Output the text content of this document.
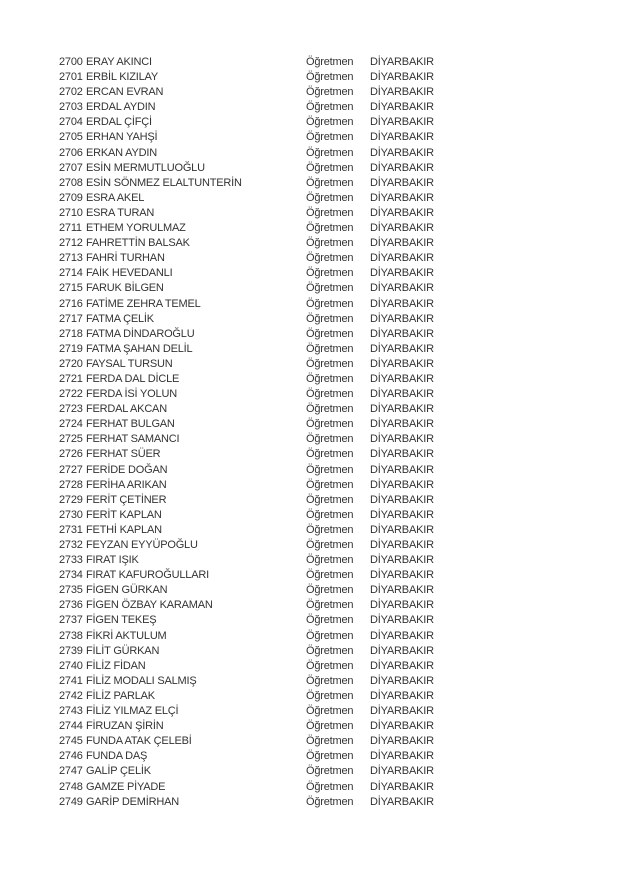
2700 ERAY AKINCI	Öğretmen	DİYARBAKIR
2701 ERBİL KIZILAY	Öğretmen	DİYARBAKIR
2702 ERCAN EVRAN	Öğretmen	DİYARBAKIR
2703 ERDAL AYDIN	Öğretmen	DİYARBAKIR
2704 ERDAL ÇİFÇİ	Öğretmen	DİYARBAKIR
2705 ERHAN YAHŞİ	Öğretmen	DİYARBAKIR
2706 ERKAN AYDIN	Öğretmen	DİYARBAKIR
2707 ESİN MERMUTLUOĞLU	Öğretmen	DİYARBAKIR
2708 ESİN SÖNMEZ ELALTUNTERİN	Öğretmen	DİYARBAKIR
2709 ESRA AKEL	Öğretmen	DİYARBAKIR
2710 ESRA TURAN	Öğretmen	DİYARBAKIR
2711 ETHEM YORULMAZ	Öğretmen	DİYARBAKIR
2712 FAHRETTİN BALSAK	Öğretmen	DİYARBAKIR
2713 FAHRİ TURHAN	Öğretmen	DİYARBAKIR
2714 FAİK HEVEDANLI	Öğretmen	DİYARBAKIR
2715 FARUK BİLGEN	Öğretmen	DİYARBAKIR
2716 FATİME ZEHRA TEMEL	Öğretmen	DİYARBAKIR
2717 FATMA ÇELİK	Öğretmen	DİYARBAKIR
2718 FATMA DİNDAROĞLU	Öğretmen	DİYARBAKIR
2719 FATMA ŞAHAN DELİL	Öğretmen	DİYARBAKIR
2720 FAYSAL TURSUN	Öğretmen	DİYARBAKIR
2721 FERDA DAL DİCLE	Öğretmen	DİYARBAKIR
2722 FERDA İSİ YOLUN	Öğretmen	DİYARBAKIR
2723 FERDAL AKCAN	Öğretmen	DİYARBAKIR
2724 FERHAT BULGAN	Öğretmen	DİYARBAKIR
2725 FERHAT SAMANCI	Öğretmen	DİYARBAKIR
2726 FERHAT SÜER	Öğretmen	DİYARBAKIR
2727 FERİDE DOĞAN	Öğretmen	DİYARBAKIR
2728 FERİHA ARIKAN	Öğretmen	DİYARBAKIR
2729 FERİT ÇETİNER	Öğretmen	DİYARBAKIR
2730 FERİT KAPLAN	Öğretmen	DİYARBAKIR
2731 FETHİ KAPLAN	Öğretmen	DİYARBAKIR
2732 FEYZAN EYYÜPOĞLU	Öğretmen	DİYARBAKIR
2733 FIRAT IŞIK	Öğretmen	DİYARBAKIR
2734 FIRAT KAFUROĞULLARI	Öğretmen	DİYARBAKIR
2735 FİGEN GÜRKAN	Öğretmen	DİYARBAKIR
2736 FİGEN ÖZBAY KARAMAN	Öğretmen	DİYARBAKIR
2737 FİGEN TEKEŞ	Öğretmen	DİYARBAKIR
2738 FİKRİ AKTULUM	Öğretmen	DİYARBAKIR
2739 FİLİT GÜRKAN	Öğretmen	DİYARBAKIR
2740 FİLİZ FİDAN	Öğretmen	DİYARBAKIR
2741 FİLİZ MODALI SALMIŞ	Öğretmen	DİYARBAKIR
2742 FİLİZ PARLAK	Öğretmen	DİYARBAKIR
2743 FİLİZ YILMAZ ELÇİ	Öğretmen	DİYARBAKIR
2744 FİRUZAN ŞİRİN	Öğretmen	DİYARBAKIR
2745 FUNDA ATAK ÇELEBİ	Öğretmen	DİYARBAKIR
2746 FUNDA DAŞ	Öğretmen	DİYARBAKIR
2747 GALİP ÇELİK	Öğretmen	DİYARBAKIR
2748 GAMZE PİYADE	Öğretmen	DİYARBAKIR
2749 GARİP DEMİRHAN	Öğretmen	DİYARBAKIR
